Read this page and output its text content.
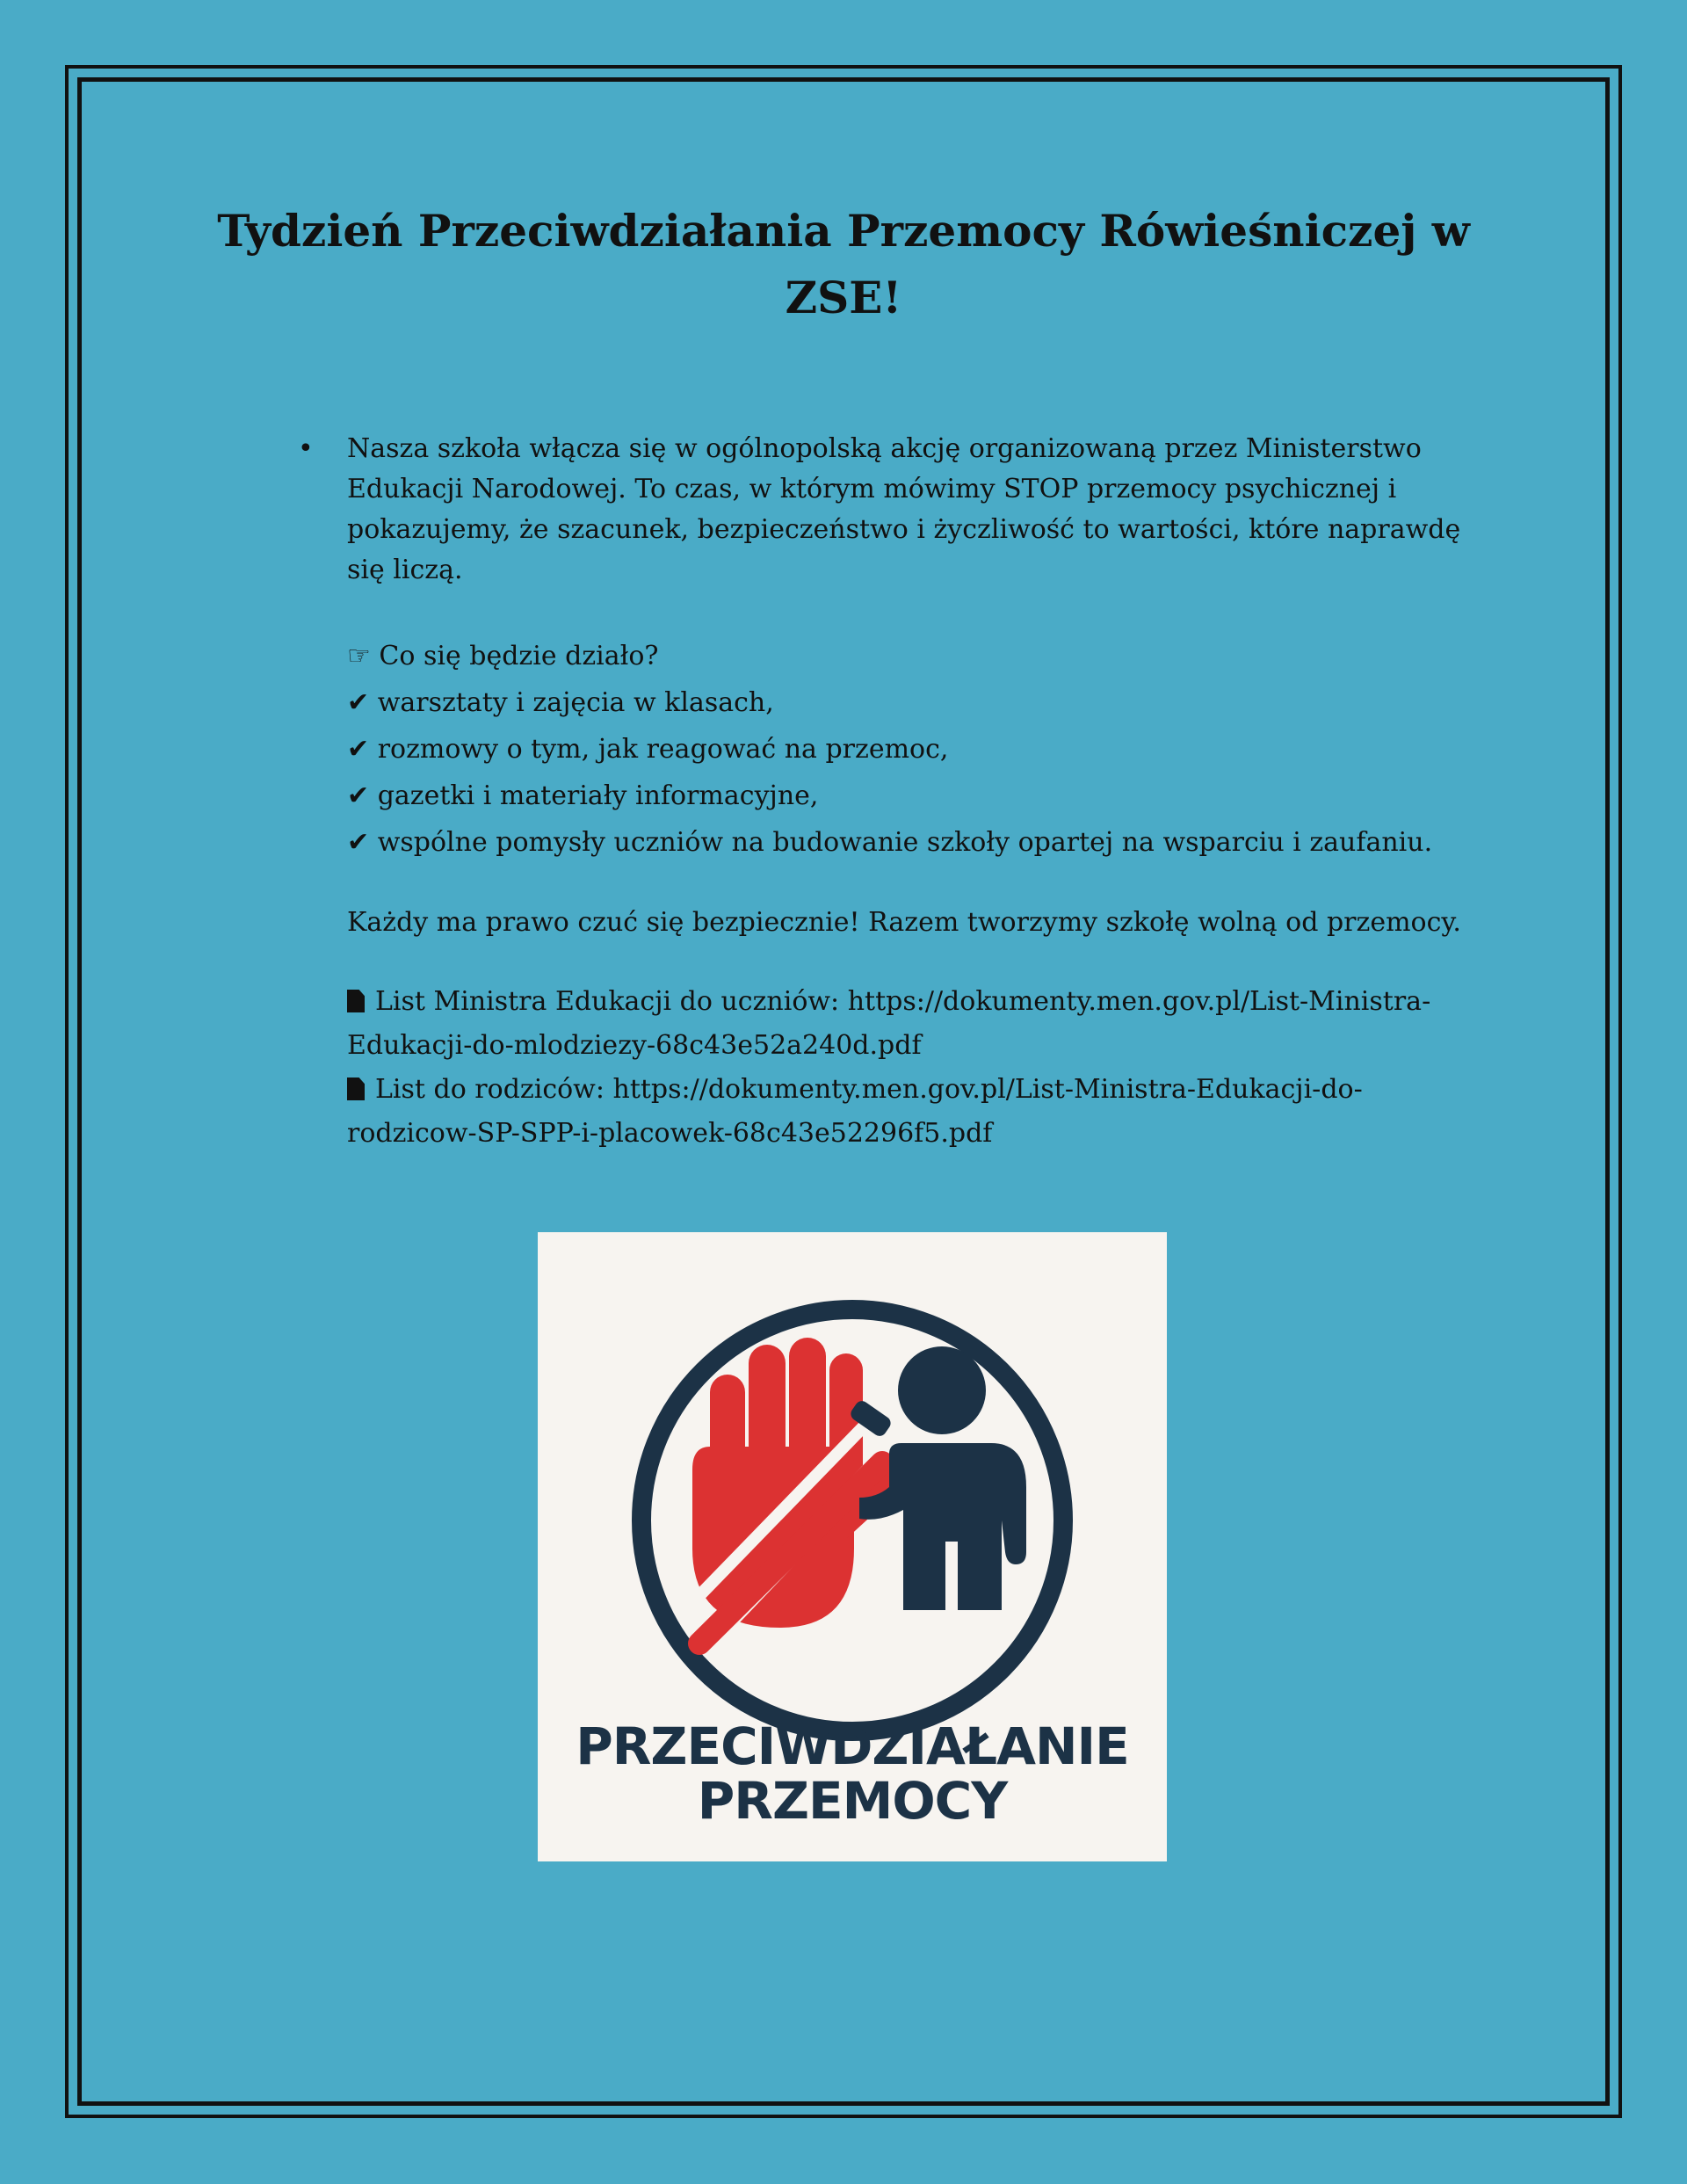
Tydzień Przeciwdziałania Przemocy Rówieśniczej w ZSE!
• Nasza szkoła włącza się w ogólnopolską akcję organizowaną przez Ministerstwo Edukacji Narodowej. To czas, w którym mówimy STOP przemocy psychicznej i pokazujemy, że szacunek, bezpieczeństwo i życzliwość to wartości, które naprawdę się liczą.

☞ Co się będzie działo?
✔ warsztaty i zajęcia w klasach,
✔ rozmowy o tym, jak reagować na przemoc,
✔ gazetki i materiały informacyjne,
✔ wspólne pomysły uczniów na budowanie szkoły opartej na wsparciu i zaufaniu.

Każdy ma prawo czuć się bezpiecznie! Razem tworzymy szkołę wolną od przemocy.

List Ministra Edukacji do uczniów: https://dokumenty.men.gov.pl/List-Ministra-Edukacji-do-mlodziezy-68c43e52a240d.pdf

List do rodziców: https://dokumenty.men.gov.pl/List-Ministra-Edukacji-do-rodzicow-SP-SPP-i-placowek-68c43e52296f5.pdf

PRZECIWDZIAŁANIE
PRZEMOCY
